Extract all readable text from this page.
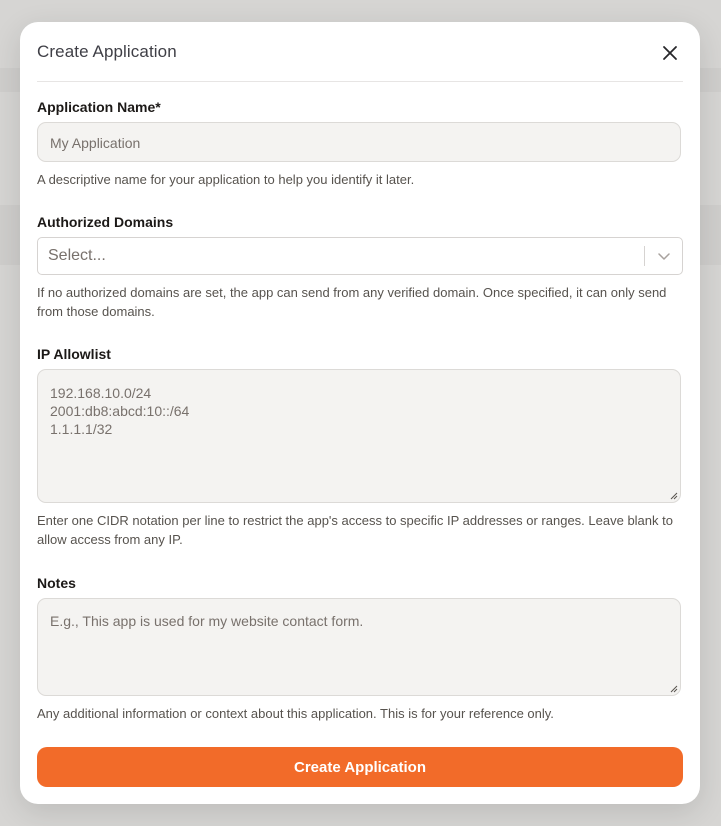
Create Application
Application Name*
My Application
A descriptive name for your application to help you identify it later.
Authorized Domains
Select...
If no authorized domains are set, the app can send from any verified domain. Once specified, it can only send from those domains.
IP Allowlist
192.168.10.0/24
2001:db8:abcd:10::/64
1.1.1.1/32
Enter one CIDR notation per line to restrict the app's access to specific IP addresses or ranges. Leave blank to allow access from any IP.
Notes
E.g., This app is used for my website contact form.
Any additional information or context about this application. This is for your reference only.
Create Application
